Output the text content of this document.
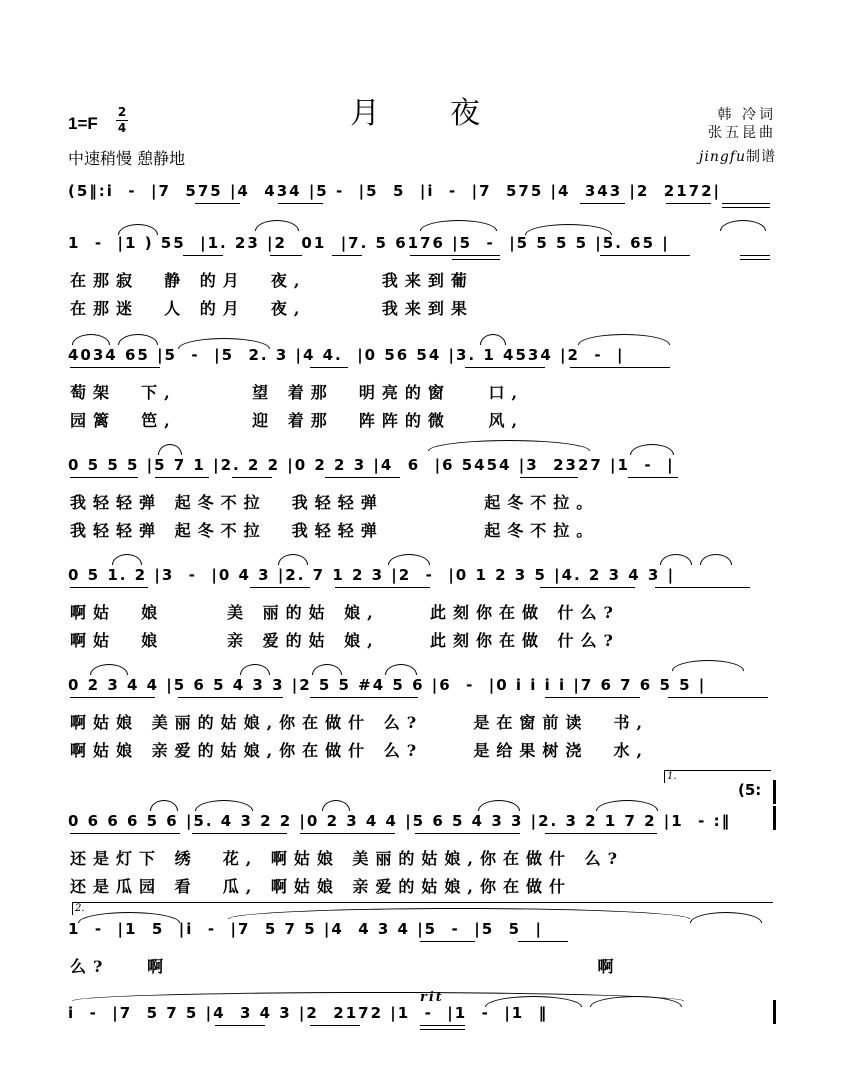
月夜
1=F
2
4
中速稍慢 憩静地
韩 冷词
张五昆曲
jingfu制谱
(5‖:i  -  |7  575 |4  434 |5 -  |5  5  |i  -  |7  575 |4  343 |2  2172|
1  -  |1 ) 55  |1. 23 |2  01  |7. 5 6176 |5  -  |5 5 5 5 |5. 65 |
在那寂  静 的月  夜,      我来到葡
在那迷  人 的月  夜,      我来到果
4034 65 |5  -  |5  2. 3 |4 4.  |0 56 54 |3. 1 4534 |2  -  |
萄架  下,      望 着那  明亮的窗   口,
园篱  笆,      迎 着那  阵阵的微   风,
0 5 5 5 |5 7 1 |2. 2 2 |0 2 2 3 |4  6  |6 5454 |3  2327 |1  -  |
我轻轻弹 起冬不拉  我轻轻弹        起冬不拉。
我轻轻弹 起冬不拉  我轻轻弹        起冬不拉。
0 5 1. 2 |3  -  |0 4 3 |2. 7 1 2 3 |2  -  |0 1 2 3 5 |4. 2 3 4 3 |
啊姑  娘     美 丽的姑 娘,    此刻你在做 什么?
啊姑  娘     亲 爱的姑 娘,    此刻你在做 什么?
0 2 3 4 4 |5 6 5 4 3 3 |2 5 5 #4 5 6 |6  -  |0 i i i i |7 6 7 6 5 5 |
啊姑娘 美丽的姑娘,你在做什 么?    是在窗前读  书,
啊姑娘 亲爱的姑娘,你在做什 么?    是给果树浇  水,
1.
(5:
0 6 6 6 5 6 |5. 4 3 2 2 |0 2 3 4 4 |5 6 5 4 3 3 |2. 3 2 1 7 2 |1  - :‖
还是灯下 绣  花, 啊姑娘 美丽的姑娘,你在做什 么?
还是瓜园 看  瓜, 啊姑娘 亲爱的姑娘,你在做什
2.
1  -  |1  5  |i  -  |7  5 7 5 |4  4 3 4 |5  -  |5  5  |
么?   啊                                  啊
rit
i  -  |7  5 7 5 |4  3 4 3 |2  2172 |1  -  |1  -  |1  ‖
